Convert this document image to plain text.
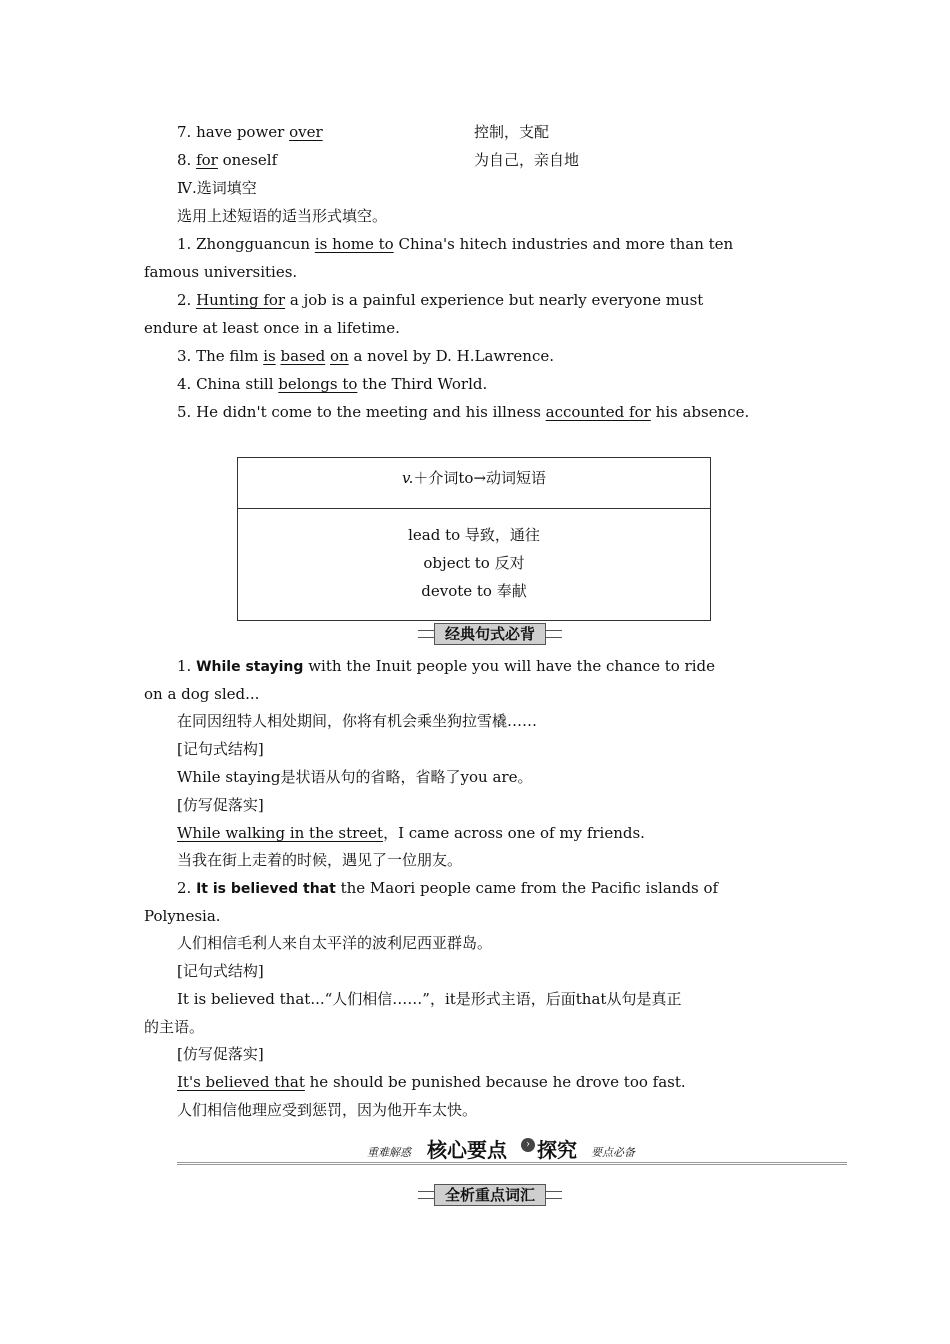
7. have power over	控制，支配
8. for oneself	为自己，亲自地
Ⅳ.选词填空
选用上述短语的适当形式填空。
1. Zhongguancun is home to China's hitech industries and more than ten
famous universities.
2. Hunting for a job is a painful experience but nearly everyone must
endure at least once in a lifetime.
3. The film is based on a novel by D. H.Lawrence.
4. China still belongs to the Third World.
5. He didn't come to the meeting and his illness accounted for his absence.
v.＋介词to→动词短语
lead to 导致，通往
object to 反对
devote to 奉献
经典句式必背
1. While staying with the Inuit people you will have the chance to ride
on a dog sled...
在同因纽特人相处期间，你将有机会乘坐狗拉雪橇……
[记句式结构]
While staying是状语从句的省略，省略了you are。
[仿写促落实]
While walking in the street，I came across one of my friends.
当我在街上走着的时候，遇见了一位朋友。
2. It is believed that the Maori people came from the Pacific islands of
Polynesia.
人们相信毛利人来自太平洋的波利尼西亚群岛。
[记句式结构]
It is believed that...“人们相信……”，it是形式主语，后面that从句是真正
的主语。
[仿写促落实]
It's believed that he should be punished because he drove too fast.
人们相信他理应受到惩罚，因为他开车太快。
重难解惑 核心要点	› 探究 要点必备
全析重点词汇
